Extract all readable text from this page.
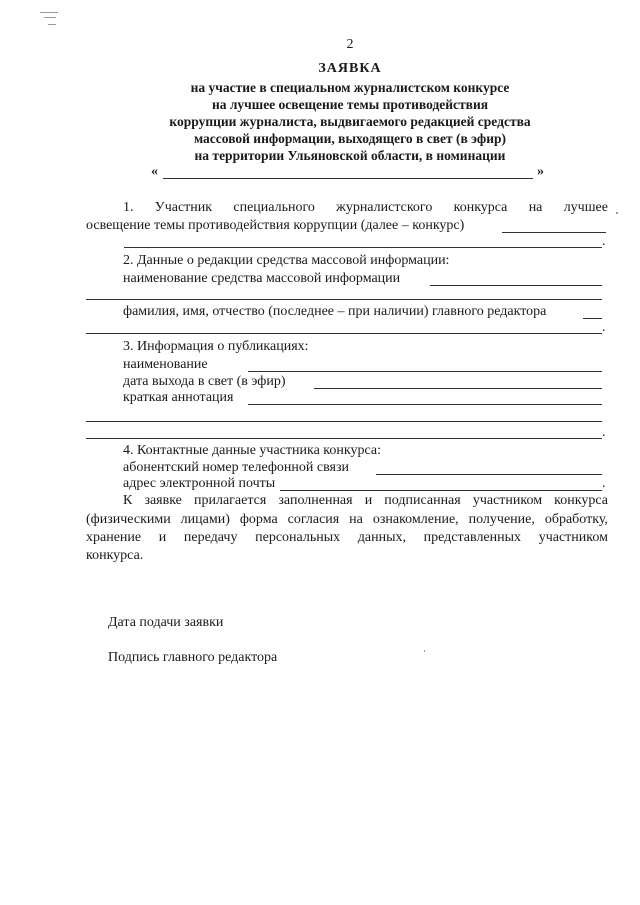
2
ЗАЯВКА
на участие в специальном журналистском конкурсе
на лучшее освещение темы противодействия
коррупции журналиста, выдвигаемого редакцией средства
массовой информации, выходящего в свет (в эфир)
на территории Ульяновской области, в номинации
«	»
1. Участник специального журналистского конкурса на лучшее
освещение темы противодействия коррупции (далее – конкурс)
.
2. Данные о редакции средства массовой информации:
наименование средства массовой информации
фамилия, имя, отчество (последнее – при наличии) главного редактора
.
3. Информация о публикациях:
наименование
дата выхода в свет (в эфир)
краткая аннотация
.
4. Контактные данные участника конкурса:
абонентский номер телефонной связи
адрес электронной почты	.
К заявке прилагается заполненная и подписанная участником конкурса
(физическими лицами) форма согласия на ознакомление, получение, обработку,
хранение и передачу персональных данных, представленных участником
конкурса.
Дата подачи заявки
Подпись главного редактора
